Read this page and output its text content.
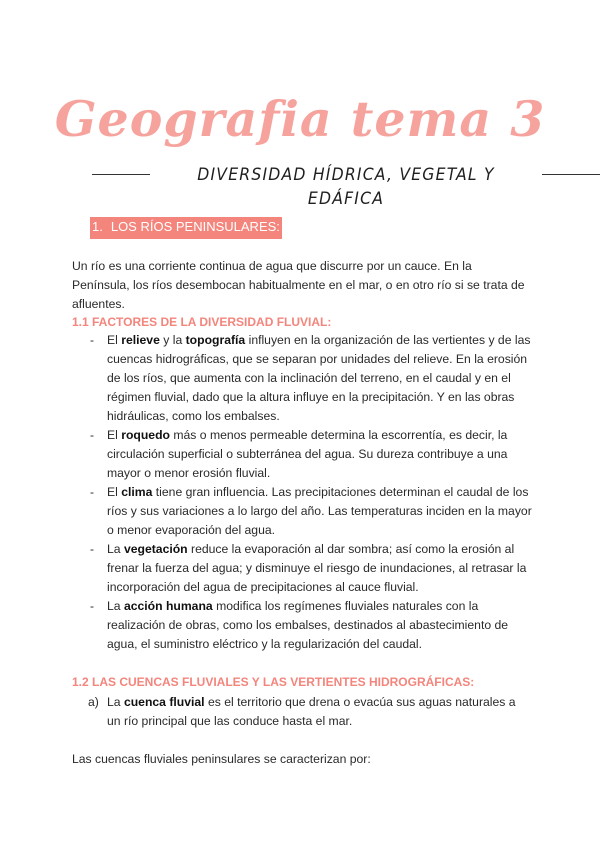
Geografia tema 3
DIVERSIDAD HÍDRICA, VEGETAL Y EDÁFICA
1. LOS RÍOS PENINSULARES:
Un río es una corriente continua de agua que discurre por un cauce. En la Península, los ríos desembocan habitualmente en el mar, o en otro río si se trata de afluentes.
1.1 FACTORES DE LA DIVERSIDAD FLUVIAL:
- El relieve y la topografía influyen en la organización de las vertientes y de las cuencas hidrográficas, que se separan por unidades del relieve. En la erosión de los ríos, que aumenta con la inclinación del terreno, en el caudal y en el régimen fluvial, dado que la altura influye en la precipitación. Y en las obras hidráulicas, como los embalses.
- El roquedo más o menos permeable determina la escorrentía, es decir, la circulación superficial o subterránea del agua. Su dureza contribuye a una mayor o menor erosión fluvial.
- El clima tiene gran influencia. Las precipitaciones determinan el caudal de los ríos y sus variaciones a lo largo del año. Las temperaturas inciden en la mayor o menor evaporación del agua.
- La vegetación reduce la evaporación al dar sombra; así como la erosión al frenar la fuerza del agua; y disminuye el riesgo de inundaciones, al retrasar la incorporación del agua de precipitaciones al cauce fluvial.
- La acción humana modifica los regímenes fluviales naturales con la realización de obras, como los embalses, destinados al abastecimiento de agua, el suministro eléctrico y la regularización del caudal.
1.2 LAS CUENCAS FLUVIALES Y LAS VERTIENTES HIDROGRÁFICAS:
a) La cuenca fluvial es el territorio que drena o evacúa sus aguas naturales a un río principal que las conduce hasta el mar.
Las cuencas fluviales peninsulares se caracterizan por:
